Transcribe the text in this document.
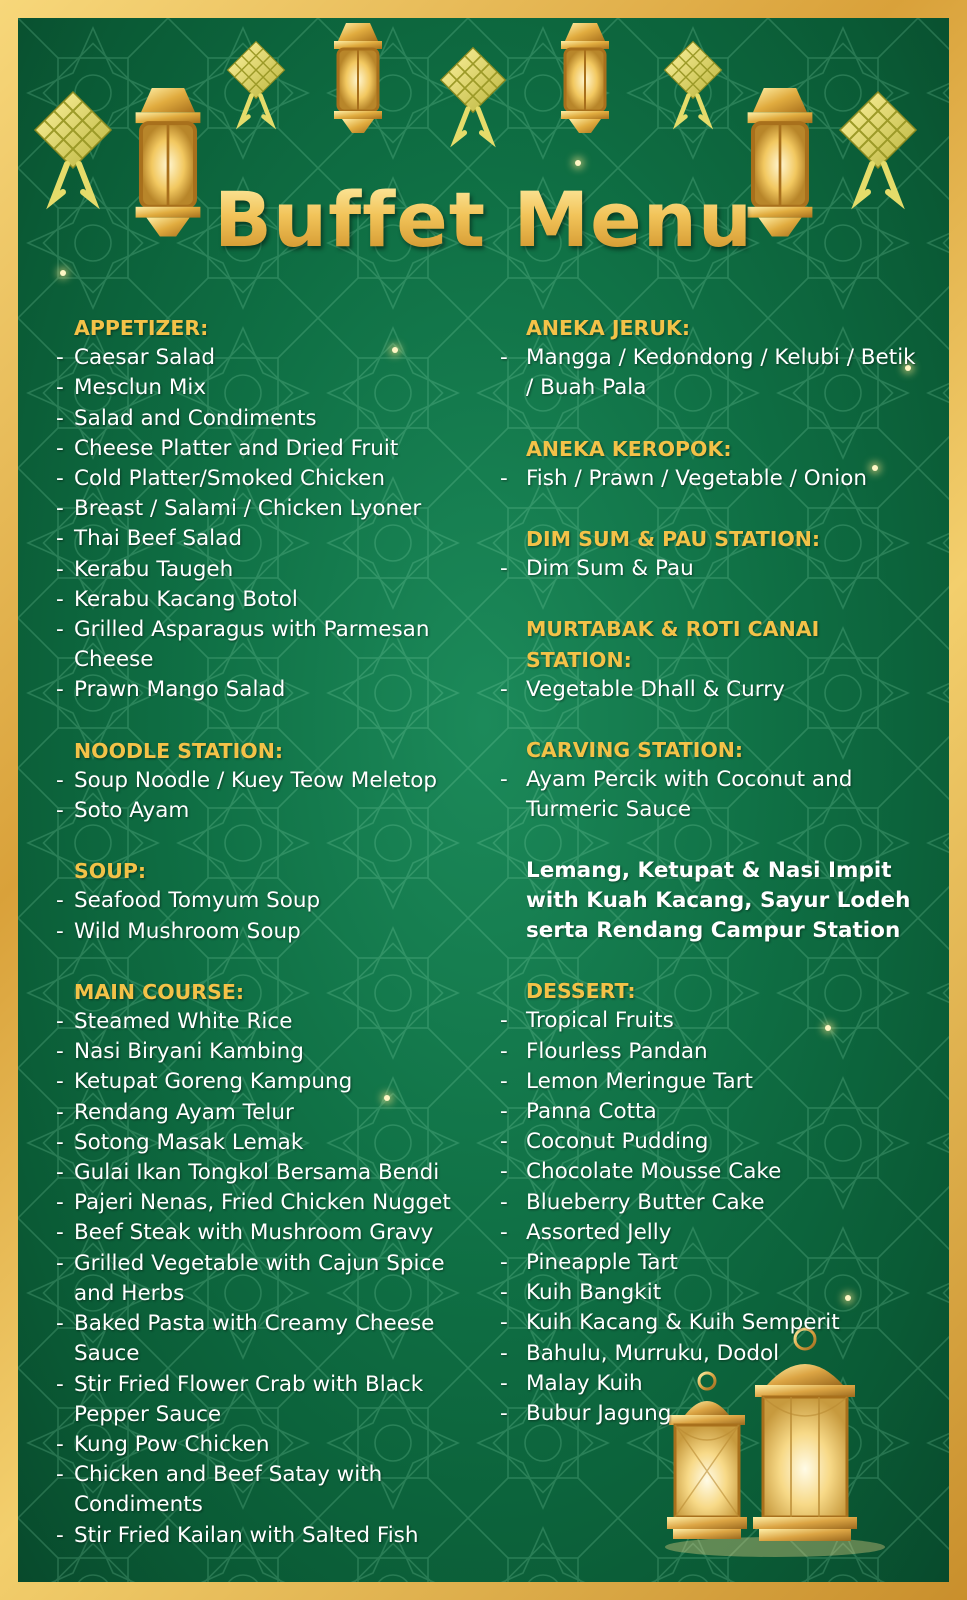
Buffet Menu
APPETIZER:
- Caesar Salad
- Mesclun Mix
- Salad and Condiments
- Cheese Platter and Dried Fruit
- Cold Platter/Smoked Chicken
- Breast / Salami / Chicken Lyoner
- Thai Beef Salad
- Kerabu Taugeh
- Kerabu Kacang Botol
- Grilled Asparagus with Parmesan Cheese
- Prawn Mango Salad
NOODLE STATION:
- Soup Noodle / Kuey Teow Meletop
- Soto Ayam
SOUP:
- Seafood Tomyum Soup
- Wild Mushroom Soup
MAIN COURSE:
- Steamed White Rice
- Nasi Biryani Kambing
- Ketupat Goreng Kampung
- Rendang Ayam Telur
- Sotong Masak Lemak
- Gulai Ikan Tongkol Bersama Bendi
- Pajeri Nenas, Fried Chicken Nugget
- Beef Steak with Mushroom Gravy
- Grilled Vegetable with Cajun Spice and Herbs
- Baked Pasta with Creamy Cheese Sauce
- Stir Fried Flower Crab with Black Pepper Sauce
- Kung Pow Chicken
- Chicken and Beef Satay with Condiments
- Stir Fried Kailan with Salted Fish
ANEKA JERUK:
- Mangga / Kedondong / Kelubi / Betik / Buah Pala
ANEKA KEROPOK:
- Fish / Prawn / Vegetable / Onion
DIM SUM & PAU STATION:
- Dim Sum & Pau
MURTABAK & ROTI CANAI STATION:
- Vegetable Dhall & Curry
CARVING STATION:
- Ayam Percik with Coconut and Turmeric Sauce
Lemang, Ketupat & Nasi Impit with Kuah Kacang, Sayur Lodeh serta Rendang Campur Station
DESSERT:
- Tropical Fruits
- Flourless Pandan
- Lemon Meringue Tart
- Panna Cotta
- Coconut Pudding
- Chocolate Mousse Cake
- Blueberry Butter Cake
- Assorted Jelly
- Pineapple Tart
- Kuih Bangkit
- Kuih Kacang & Kuih Semperit
- Bahulu, Murruku, Dodol
- Malay Kuih
- Bubur Jagung
